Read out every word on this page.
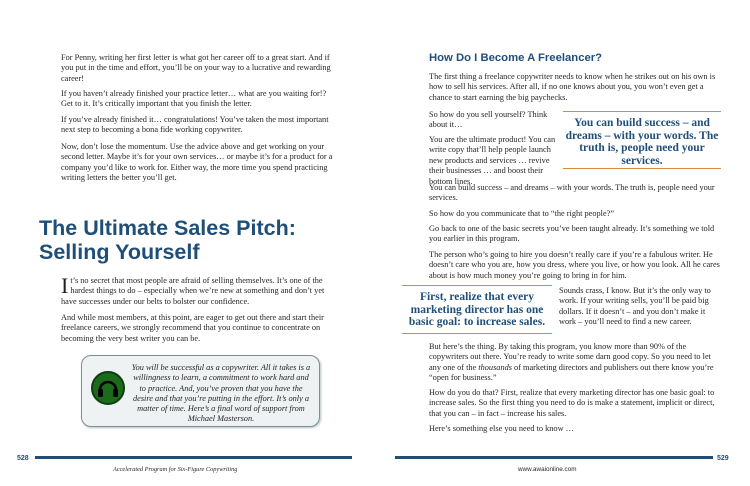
For Penny, writing her first letter is what got her career off to a great start. And if you put in the time and effort, you’ll be on your way to a lucrative and rewarding career!

If you haven’t already finished your practice letter… what are you waiting for!? Get to it. It’s critically important that you finish the letter.

If you’ve already finished it… congratulations! You’ve taken the most important next step to becoming a bona fide working copywriter.

Now, don’t lose the momentum. Use the advice above and get working on your second letter. Maybe it’s for your own services… or maybe it’s for a product for a company you’d like to work for. Either way, the more time you spend practicing writing letters the better you’ll get.

The Ultimate Sales Pitch:
Selling Yourself

It’s no secret that most people are afraid of selling themselves. It’s one of the hardest things to do – especially when we’re new at something and don’t yet have successes under our belts to bolster our confidence.

And while most members, at this point, are eager to get out there and start their freelance careers, we strongly recommend that you continue to concentrate on becoming the very best writer you can be.

You will be successful as a copywriter. All it takes is a willingness to learn, a commitment to work hard and to practice. And, you’ve proven that you have the desire and that you’re putting in the effort. It’s only a matter of time. Here’s a final word of support from Michael Masterson.

528
Accelerated Program for Six-Figure Copywriting
How Do I Become A Freelancer?

The first thing a freelance copywriter needs to know when he strikes out on his own is how to sell his services. After all, if no one knows about you, you won’t even get a chance to start earning the big paychecks.

So how do you sell yourself? Think about it…

You are the ultimate product! You can write copy that’ll help people launch new products and services … revive their businesses … and boost their bottom lines.

You can build success – and dreams – with your words. The truth is, people need your services.

You can build success – and dreams – with your words. The truth is, people need your services.

So how do you communicate that to “the right people?”

Go back to one of the basic secrets you’ve been taught already. It’s something we told you earlier in this program.

The person who’s going to hire you doesn’t really care if you’re a fabulous writer. He doesn’t care who you are, how you dress, where you live, or how you look. All he cares about is how much money you’re going to bring in for him.

First, realize that every marketing director has one basic goal: to increase sales.

Sounds crass, I know. But it’s the only way to work. If your writing sells, you’ll be paid big dollars. If it doesn’t – and you don’t make it work – you’ll need to find a new career.

But here’s the thing. By taking this program, you know more than 90% of the copywriters out there. You’re ready to write some darn good copy. So you need to let any one of the thousands of marketing directors and publishers out there know you’re “open for business.”

How do you do that? First, realize that every marketing director has one basic goal: to increase sales. So the first thing you need to do is make a statement, implicit or direct, that you can – in fact – increase his sales.

Here’s something else you need to know …

529
www.awaionline.com
